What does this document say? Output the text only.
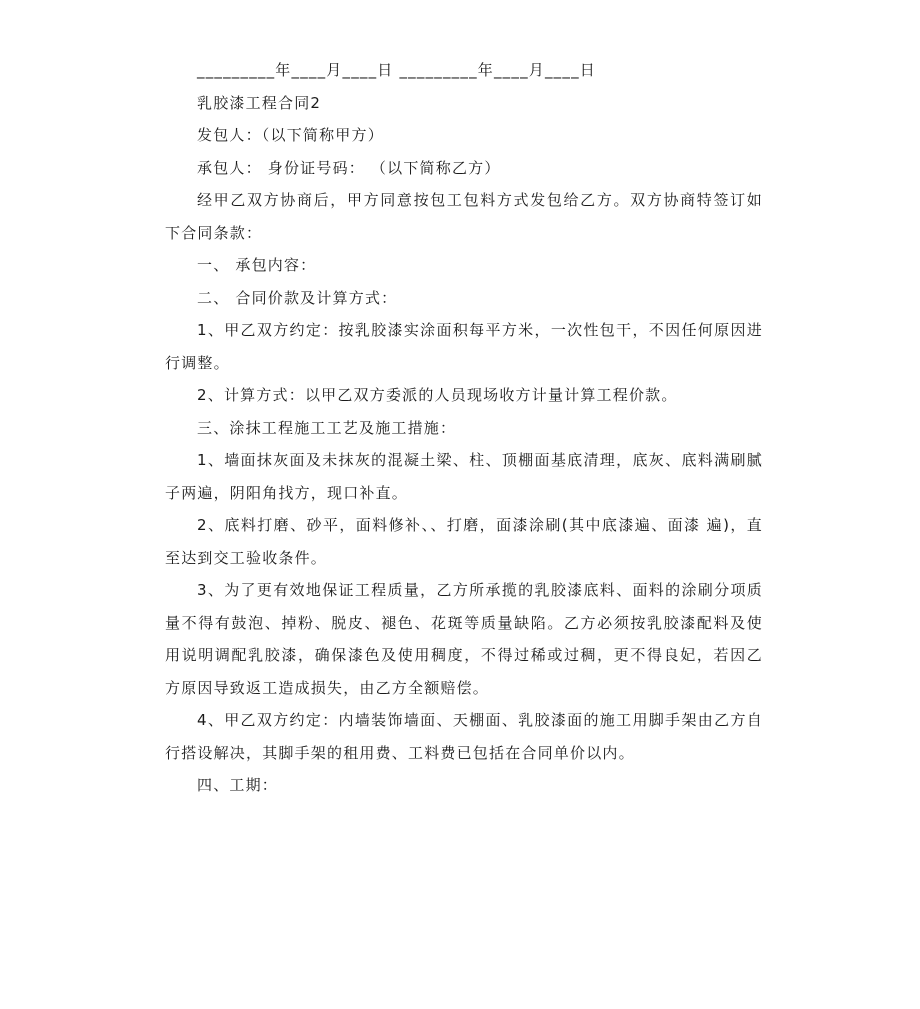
_________年____月____日 _________年____月____日

乳胶漆工程合同2

发包人：（以下简称甲方）

承包人： 身份证号码： （以下简称乙方）

经甲乙双方协商后，甲方同意按包工包料方式发包给乙方。双方协商特签订如下合同条款：

一、 承包内容：

二、 合同价款及计算方式：

1、甲乙双方约定：按乳胶漆实涂面积每平方米，一次性包干，不因任何原因进行调整。

2、计算方式：以甲乙双方委派的人员现场收方计量计算工程价款。

三、涂抹工程施工工艺及施工措施：

1、墙面抹灰面及未抹灰的混凝土梁、柱、顶棚面基底清理，底灰、底料满刷腻子两遍，阴阳角找方，现口补直。

2、底料打磨、砂平，面料修补、、打磨，面漆涂刷(其中底漆遍、面漆 遍)，直至达到交工验收条件。

3、为了更有效地保证工程质量，乙方所承揽的乳胶漆底料、面料的涂刷分项质量不得有鼓泡、掉粉、脱皮、褪色、花斑等质量缺陷。乙方必须按乳胶漆配料及使用说明调配乳胶漆，确保漆色及使用稠度，不得过稀或过稠，更不得良妃，若因乙方原因导致返工造成损失，由乙方全额赔偿。

4、甲乙双方约定：内墙装饰墙面、天棚面、乳胶漆面的施工用脚手架由乙方自行搭设解决，其脚手架的租用费、工料费已包括在合同单价以内。

四、工期：
